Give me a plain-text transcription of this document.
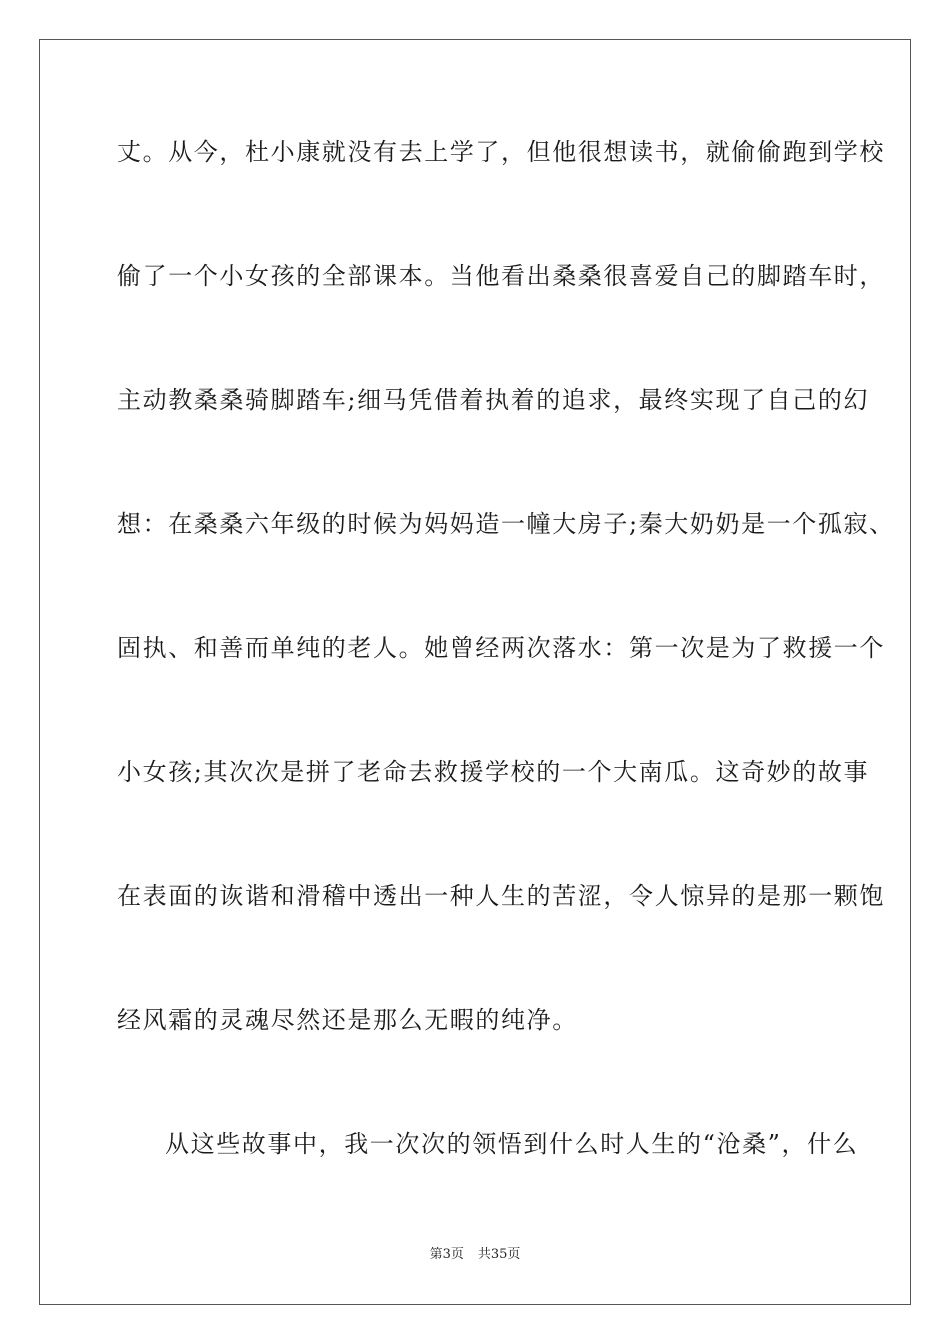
丈。从今，杜小康就没有去上学了，但他很想读书，就偷偷跑到学校
偷了一个小女孩的全部课本。当他看出桑桑很喜爱自己的脚踏车时，
主动教桑桑骑脚踏车;细马凭借着执着的追求，最终实现了自己的幻
想：在桑桑六年级的时候为妈妈造一幢大房子;秦大奶奶是一个孤寂、
固执、和善而单纯的老人。她曾经两次落水：第一次是为了救援一个
小女孩;其次次是拼了老命去救援学校的一个大南瓜。这奇妙的故事
在表面的诙谐和滑稽中透出一种人生的苦涩，令人惊异的是那一颗饱
经风霜的灵魂尽然还是那么无暇的纯净。
从这些故事中，我一次次的领悟到什么时人生的“沧桑”，什么
第3页 共35页
